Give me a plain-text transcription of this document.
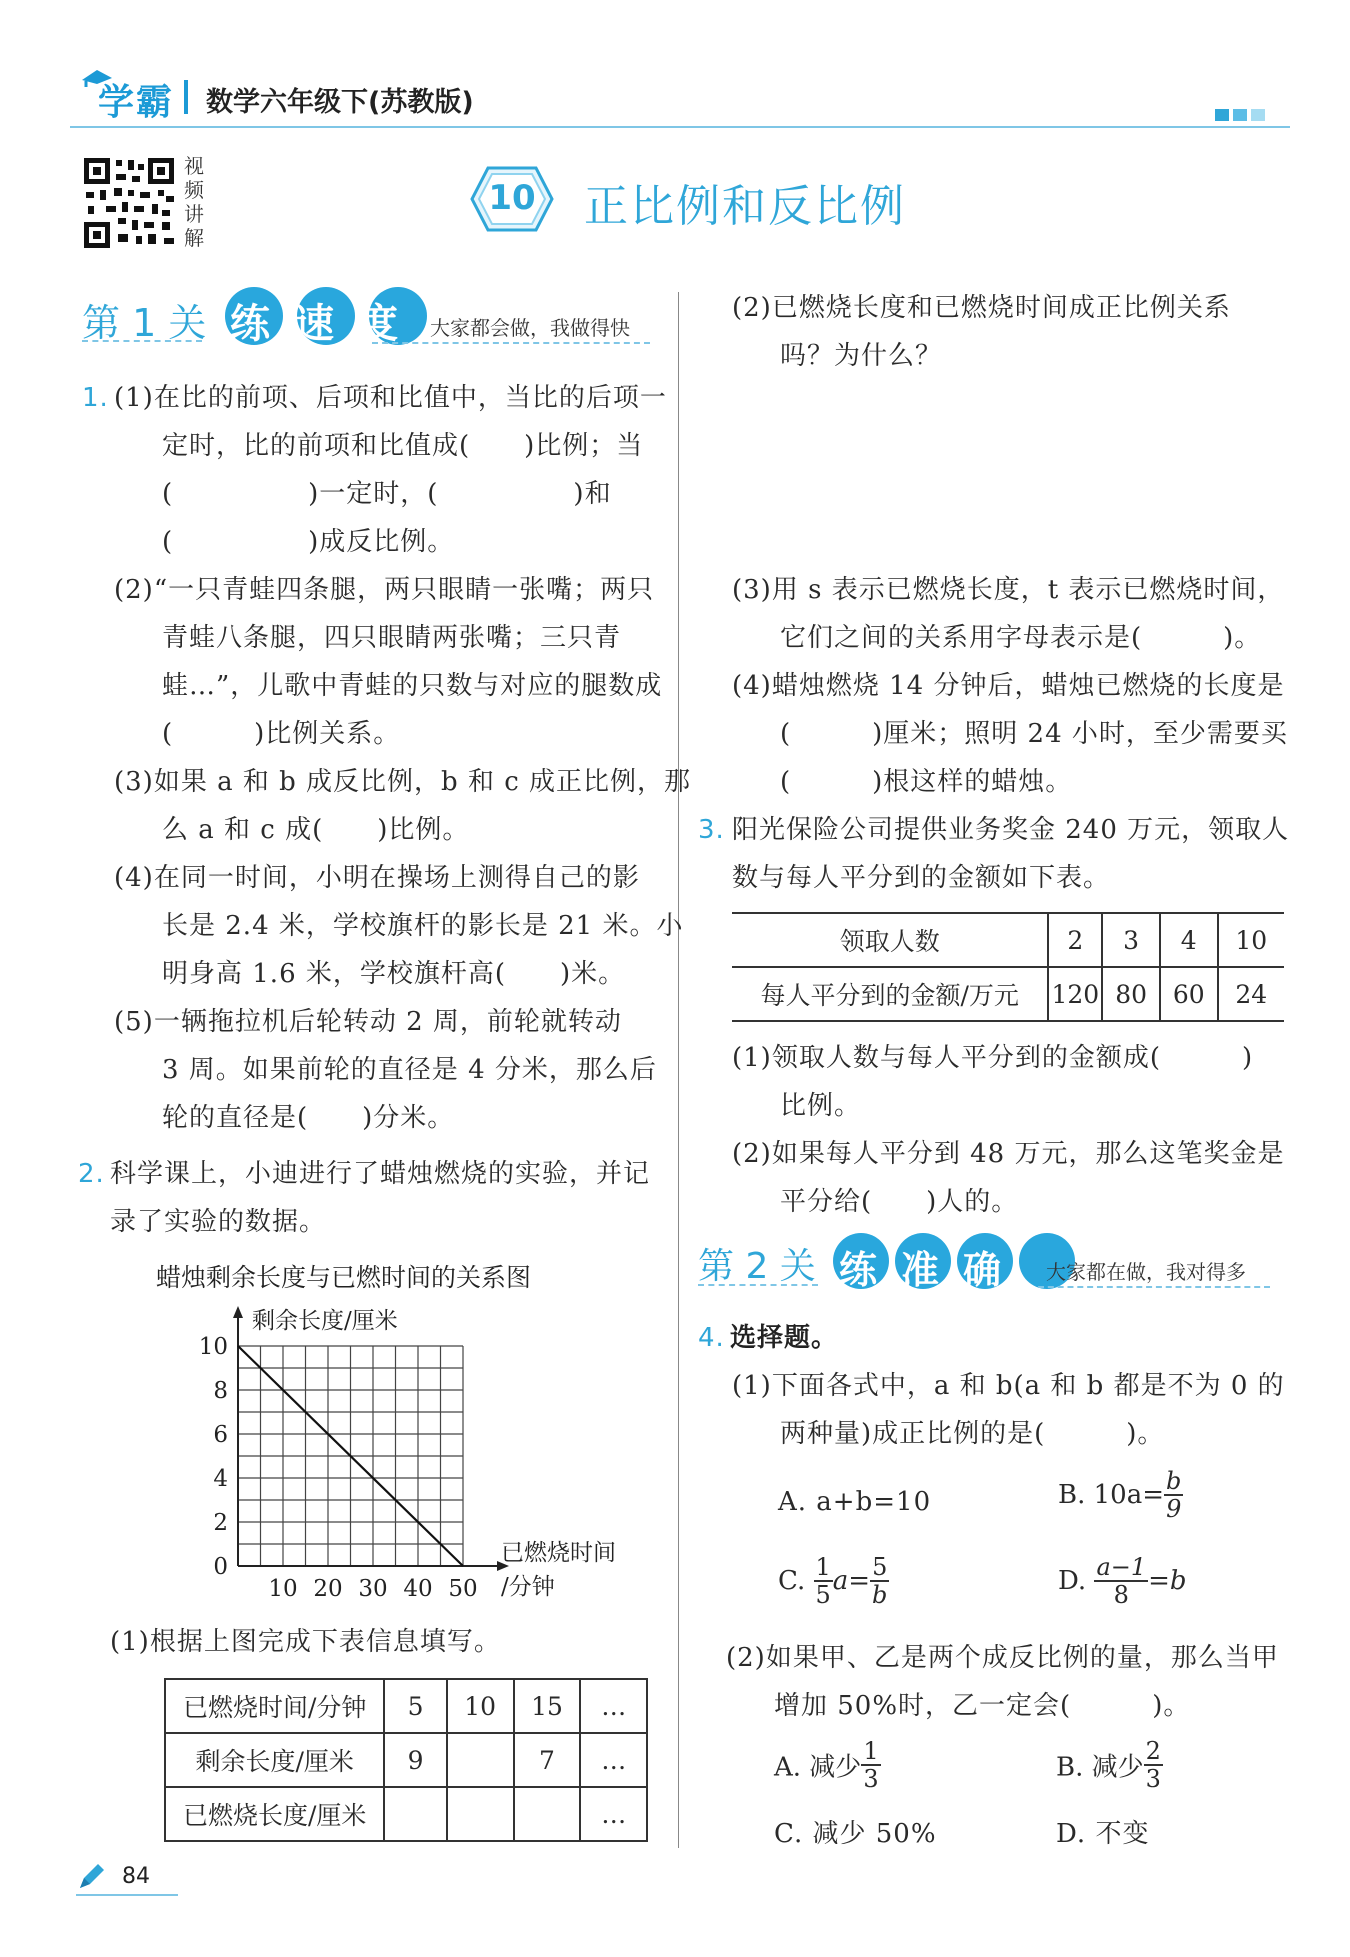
学霸 数学六年级下(苏教版)
视
频
讲
解
10	正比例和反比例
第 1 关 练速度 大家都会做，我做得快
1. (1)在比的前项、后项和比值中，当比的后项一
定时，比的前项和比值成(　　)比例；当
(　　　　　)一定时，(　　　　　)和
(　　　　　)成反比例。
(2)“一只青蛙四条腿，两只眼睛一张嘴；两只
青蛙八条腿，四只眼睛两张嘴；三只青
蛙…”，儿歌中青蛙的只数与对应的腿数成
(　　　)比例关系。
(3)如果 a 和 b 成反比例，b 和 c 成正比例，那
么 a 和 c 成(　　)比例。
(4)在同一时间，小明在操场上测得自己的影
长是 2.4 米，学校旗杆的影长是 21 米。小
明身高 1.6 米，学校旗杆高(　　)米。
(5)一辆拖拉机后轮转动 2 周，前轮就转动
3 周。如果前轮的直径是 4 分米，那么后
轮的直径是(　　)分米。
2. 科学课上，小迪进行了蜡烛燃烧的实验，并记
录了实验的数据。
蜡烛剩余长度与已燃时间的关系图
10 20 30 40 50
0
2
4
6
8
10
剩余长度/厘米
已燃烧时间
/分钟
(1)根据上图完成下表信息填写。
已燃烧时间/分钟	5	10	15	…
剩余长度/厘米	9		7	…
已燃烧长度/厘米				…
(2)已燃烧长度和已燃烧时间成正比例关系
吗？为什么？
(3)用 s 表示已燃烧长度，t 表示已燃烧时间，
它们之间的关系用字母表示是(　　　)。
(4)蜡烛燃烧 14 分钟后，蜡烛已燃烧的长度是
(　　　)厘米；照明 24 小时，至少需要买
(　　　)根这样的蜡烛。
3. 阳光保险公司提供业务奖金 240 万元，领取人
数与每人平分到的金额如下表。
领取人数	2	3	4	10
每人平分到的金额/万元	120	80	60	24
(1)领取人数与每人平分到的金额成(　　　)
比例。
(2)如果每人平分到 48 万元，那么这笔奖金是
平分给(　　)人的。
第 2 关 练准确率
大家都在做，我对得多
4. 选择题。
(1)下面各式中，a 和 b(a 和 b 都是不为 0 的
两种量)成正比例的是(　　　)。
A. a+b=10	B. $10a= \frac{b}{9}$
C. $\frac{1}{5} a= \frac{5}{b}$	D. $\frac{a-1}{8} =b$
(2)如果甲、乙是两个成反比例的量，那么当甲
增加 50%时，乙一定会(　　　)。
A. 减少 $\frac{1}{3}$	B. 减少 $\frac{2}{3}$
C. 减少 50%	D. 不变
84
